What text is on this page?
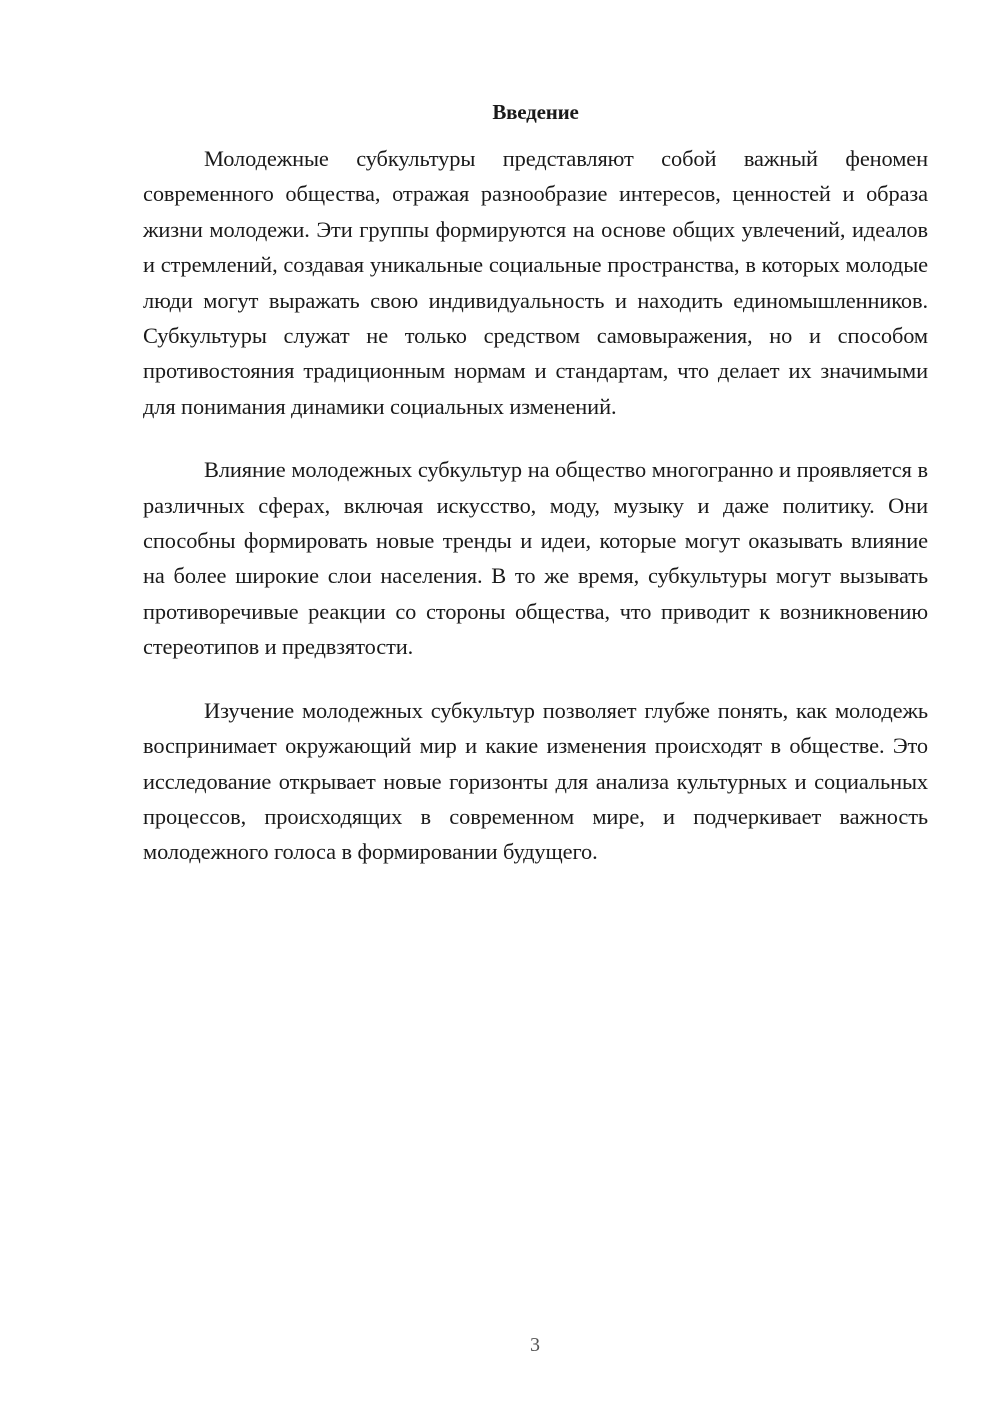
Введение

Молодежные субкультуры представляют собой важный феномен современного общества, отражая разнообразие интересов, ценностей и образа жизни молодежи. Эти группы формируются на основе общих увлечений, идеалов и стремлений, создавая уникальные социальные пространства, в которых молодые люди могут выражать свою индивидуальность и находить единомышленников. Субкультуры служат не только средством самовыражения, но и способом противостояния традиционным нормам и стандартам, что делает их значимыми для понимания динамики социальных изменений.

Влияние молодежных субкультур на общество многогранно и проявляется в различных сферах, включая искусство, моду, музыку и даже политику. Они способны формировать новые тренды и идеи, которые могут оказывать влияние на более широкие слои населения. В то же время, субкультуры могут вызывать противоречивые реакции со стороны общества, что приводит к возникновению стереотипов и предвзятости.

Изучение молодежных субкультур позволяет глубже понять, как молодежь воспринимает окружающий мир и какие изменения происходят в обществе. Это исследование открывает новые горизонты для анализа культурных и социальных процессов, происходящих в современном мире, и подчеркивает важность молодежного голоса в формировании будущего.

3
